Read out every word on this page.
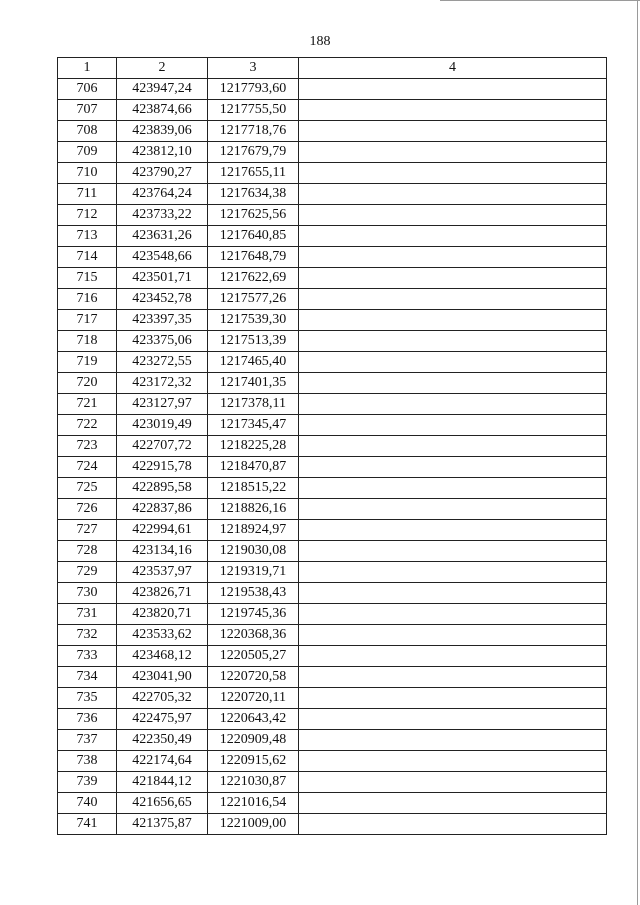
188
1	2	3	4
706	423947,24	1217793,60	
707	423874,66	1217755,50	
708	423839,06	1217718,76	
709	423812,10	1217679,79	
710	423790,27	1217655,11	
711	423764,24	1217634,38	
712	423733,22	1217625,56	
713	423631,26	1217640,85	
714	423548,66	1217648,79	
715	423501,71	1217622,69	
716	423452,78	1217577,26	
717	423397,35	1217539,30	
718	423375,06	1217513,39	
719	423272,55	1217465,40	
720	423172,32	1217401,35	
721	423127,97	1217378,11	
722	423019,49	1217345,47	
723	422707,72	1218225,28	
724	422915,78	1218470,87	
725	422895,58	1218515,22	
726	422837,86	1218826,16	
727	422994,61	1218924,97	
728	423134,16	1219030,08	
729	423537,97	1219319,71	
730	423826,71	1219538,43	
731	423820,71	1219745,36	
732	423533,62	1220368,36	
733	423468,12	1220505,27	
734	423041,90	1220720,58	
735	422705,32	1220720,11	
736	422475,97	1220643,42	
737	422350,49	1220909,48	
738	422174,64	1220915,62	
739	421844,12	1221030,87	
740	421656,65	1221016,54	
741	421375,87	1221009,00	
